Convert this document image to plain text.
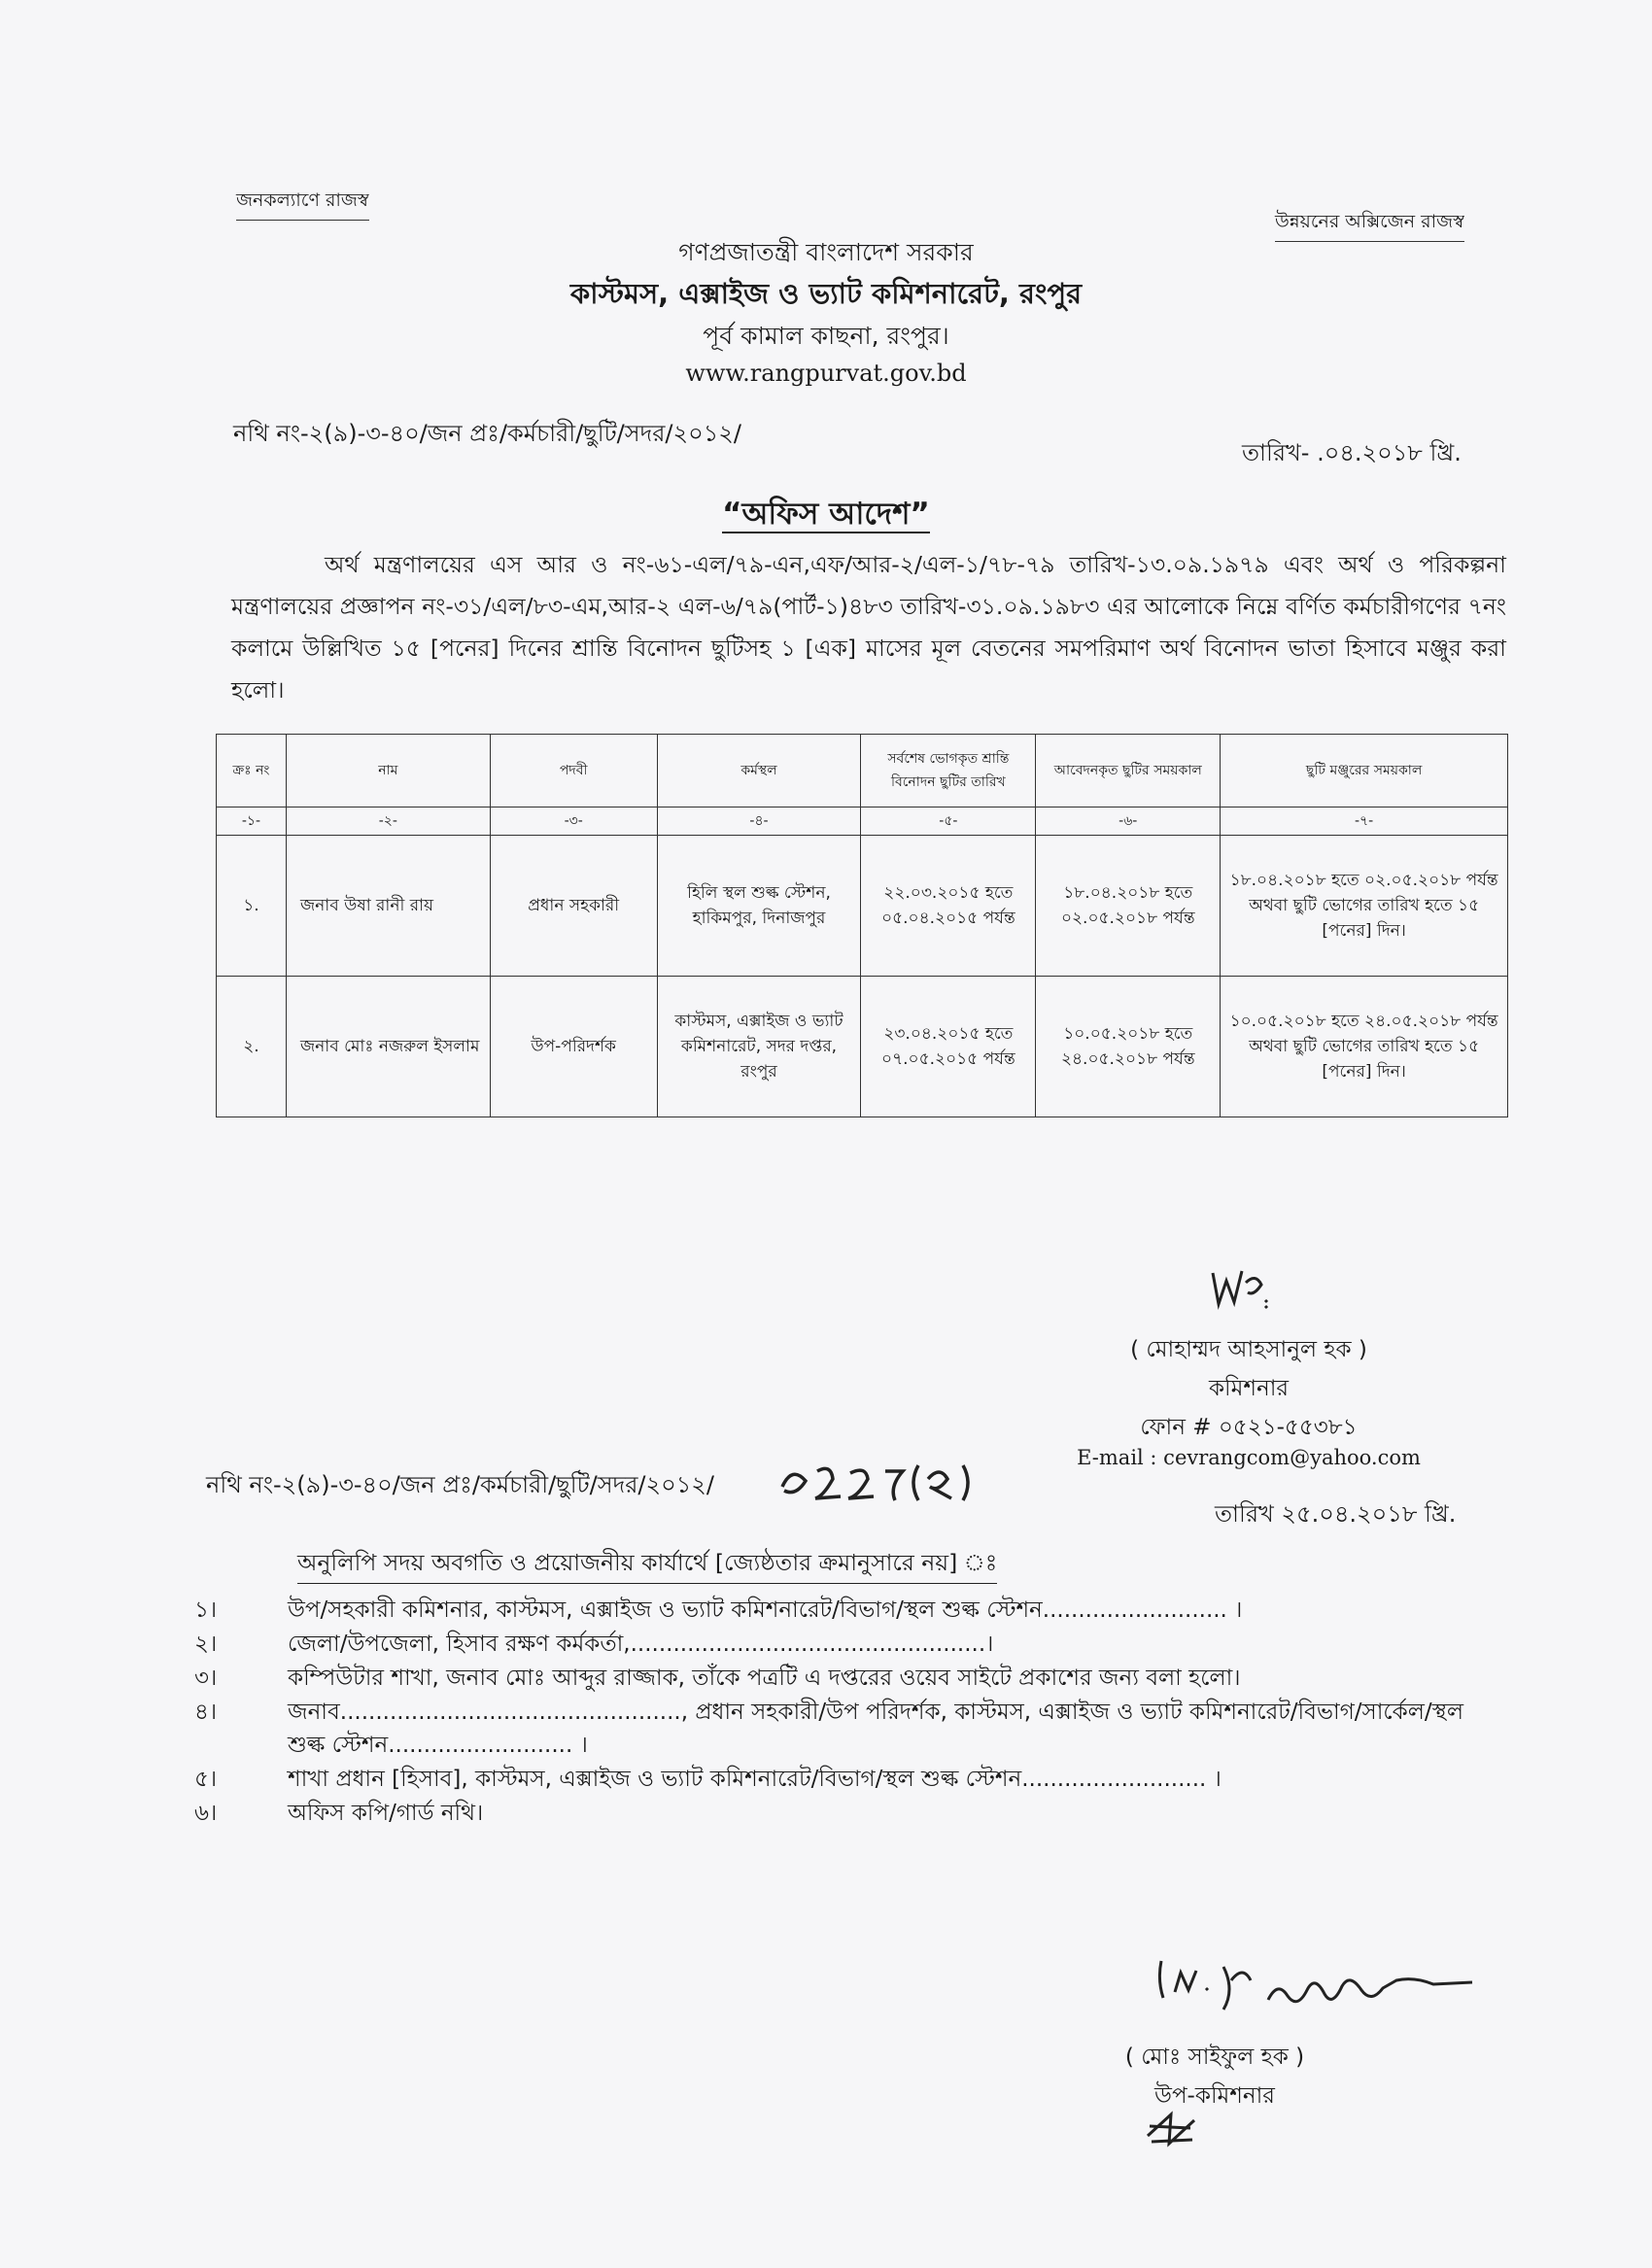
জনকল্যাণে রাজস্ব
উন্নয়নের অক্সিজেন রাজস্ব
গণপ্রজাতন্ত্রী বাংলাদেশ সরকার
কাস্টমস, এক্সাইজ ও ভ্যাট কমিশনারেট, রংপুর
পূর্ব কামাল কাছনা, রংপুর।
www.rangpurvat.gov.bd
নথি নং-২(৯)-৩-৪০/জন প্রঃ/কর্মচারী/ছুটি/সদর/২০১২/
তারিখ- .০৪.২০১৮ খ্রি.
“অফিস আদেশ”
অর্থ মন্ত্রণালয়ের এস আর ও নং-৬১-এল/৭৯-এন,এফ/আর-২/এল-১/৭৮-৭৯ তারিখ-১৩.০৯.১৯৭৯ এবং অর্থ ও পরিকল্পনা মন্ত্রণালয়ের প্রজ্ঞাপন নং-৩১/এল/৮৩-এম,আর-২ এল-৬/৭৯(পার্ট-১)৪৮৩ তারিখ-৩১.০৯.১৯৮৩ এর আলোকে নিম্নে বর্ণিত কর্মচারীগণের ৭নং কলামে উল্লিখিত ১৫ [পনের] দিনের শ্রান্তি বিনোদন ছুটিসহ ১ [এক] মাসের মূল বেতনের সমপরিমাণ অর্থ বিনোদন ভাতা হিসাবে মঞ্জুর করা হলো।
ক্রঃ নং	নাম	পদবী	কর্মস্থল	সর্বশেষ ভোগকৃত শ্রান্তি বিনোদন ছুটির তারিখ	আবেদনকৃত ছুটির সময়কাল	ছুটি মঞ্জুরের সময়কাল
-১-	-২-	-৩-	-৪-	-৫-	-৬-	-৭-
১.	জনাব উষা রানী রায়	প্রধান সহকারী	হিলি স্থল শুল্ক স্টেশন, হাকিমপুর, দিনাজপুর	২২.০৩.২০১৫ হতে ০৫.০৪.২০১৫ পর্যন্ত	১৮.০৪.২০১৮ হতে ০২.০৫.২০১৮ পর্যন্ত	১৮.০৪.২০১৮ হতে ০২.০৫.২০১৮ পর্যন্ত অথবা ছুটি ভোগের তারিখ হতে ১৫ [পনের] দিন।
২.	জনাব মোঃ নজরুল ইসলাম	উপ-পরিদর্শক	কাস্টমস, এক্সাইজ ও ভ্যাট কমিশনারেট, সদর দপ্তর, রংপুর	২৩.০৪.২০১৫ হতে ০৭.০৫.২০১৫ পর্যন্ত	১০.০৫.২০১৮ হতে ২৪.০৫.২০১৮ পর্যন্ত	১০.০৫.২০১৮ হতে ২৪.০৫.২০১৮ পর্যন্ত অথবা ছুটি ভোগের তারিখ হতে ১৫ [পনের] দিন।
( মোহাম্মদ আহসানুল হক )
কমিশনার
ফোন # ০৫২১-৫৫৩৮১
E-mail : cevrangcom@yahoo.com
নথি নং-২(৯)-৩-৪০/জন প্রঃ/কর্মচারী/ছুটি/সদর/২০১২/
তারিখ ২৫.০৪.২০১৮ খ্রি.
অনুলিপি সদয় অবগতি ও প্রয়োজনীয় কার্যার্থে [জ্যেষ্ঠতার ক্রমানুসারে নয়] ঃ
১।	উপ/সহকারী কমিশনার, কাস্টমস, এক্সাইজ ও ভ্যাট কমিশনারেট/বিভাগ/স্থল শুল্ক স্টেশন.......................... ।
২।	জেলা/উপজেলা, হিসাব রক্ষণ কর্মকর্তা,..................................................।
৩।	কম্পিউটার শাখা, জনাব মোঃ আব্দুর রাজ্জাক, তাঁকে পত্রটি এ দপ্তরের ওয়েব সাইটে প্রকাশের জন্য বলা হলো।
৪।	জনাব................................................, প্রধান সহকারী/উপ পরিদর্শক, কাস্টমস, এক্সাইজ ও ভ্যাট কমিশনারেট/বিভাগ/সার্কেল/স্থল শুল্ক স্টেশন.......................... ।
৫।	শাখা প্রধান [হিসাব], কাস্টমস, এক্সাইজ ও ভ্যাট কমিশনারেট/বিভাগ/স্থল শুল্ক স্টেশন.......................... ।
৬।	অফিস কপি/গার্ড নথি।
( মোঃ সাইফুল হক )
উপ-কমিশনার
